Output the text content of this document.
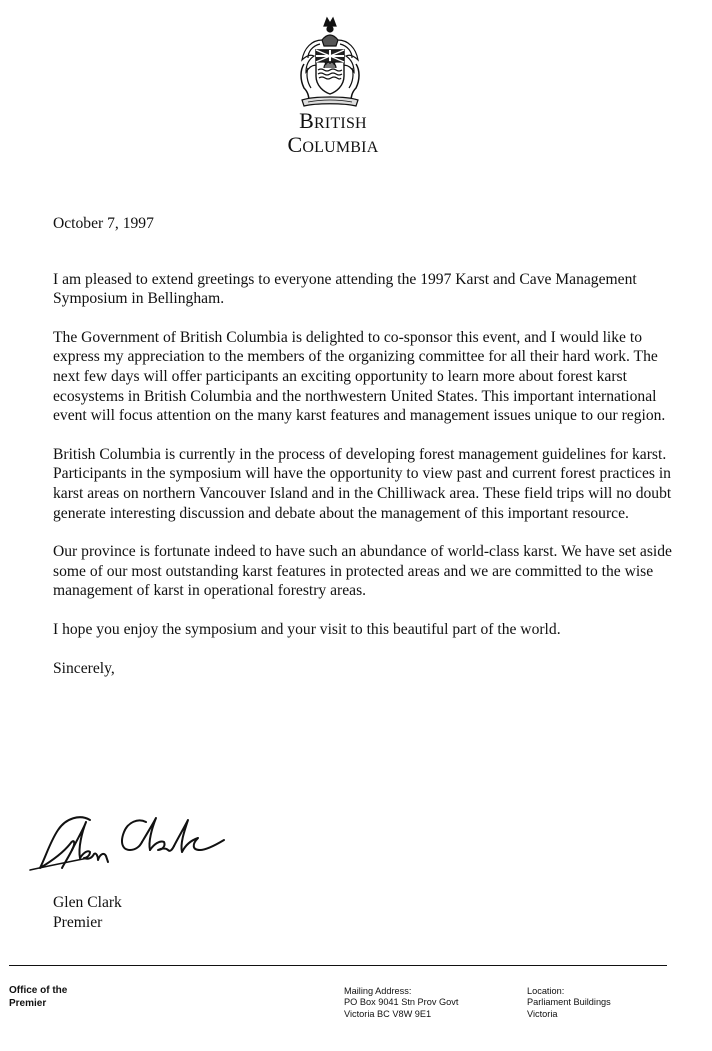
BRITISH
COLUMBIA

October 7, 1997

I am pleased to extend greetings to everyone attending the 1997 Karst and Cave Management Symposium in Bellingham.

The Government of British Columbia is delighted to co-sponsor this event, and I would like to express my appreciation to the members of the organizing committee for all their hard work. The next few days will offer participants an exciting opportunity to learn more about forest karst ecosystems in British Columbia and the northwestern United States. This important international event will focus attention on the many karst features and management issues unique to our region.

British Columbia is currently in the process of developing forest management guidelines for karst. Participants in the symposium will have the opportunity to view past and current forest practices in karst areas on northern Vancouver Island and in the Chilliwack area. These field trips will no doubt generate interesting discussion and debate about the management of this important resource.

Our province is fortunate indeed to have such an abundance of world-class karst. We have set aside some of our most outstanding karst features in protected areas and we are committed to the wise management of karst in operational forestry areas.

I hope you enjoy the symposium and your visit to this beautiful part of the world.

Sincerely,

Glen Clark
Premier
Office of the
Premier
Mailing Address:
PO Box 9041 Stn Prov Govt
Victoria BC V8W 9E1
Location:
Parliament Buildings
Victoria
